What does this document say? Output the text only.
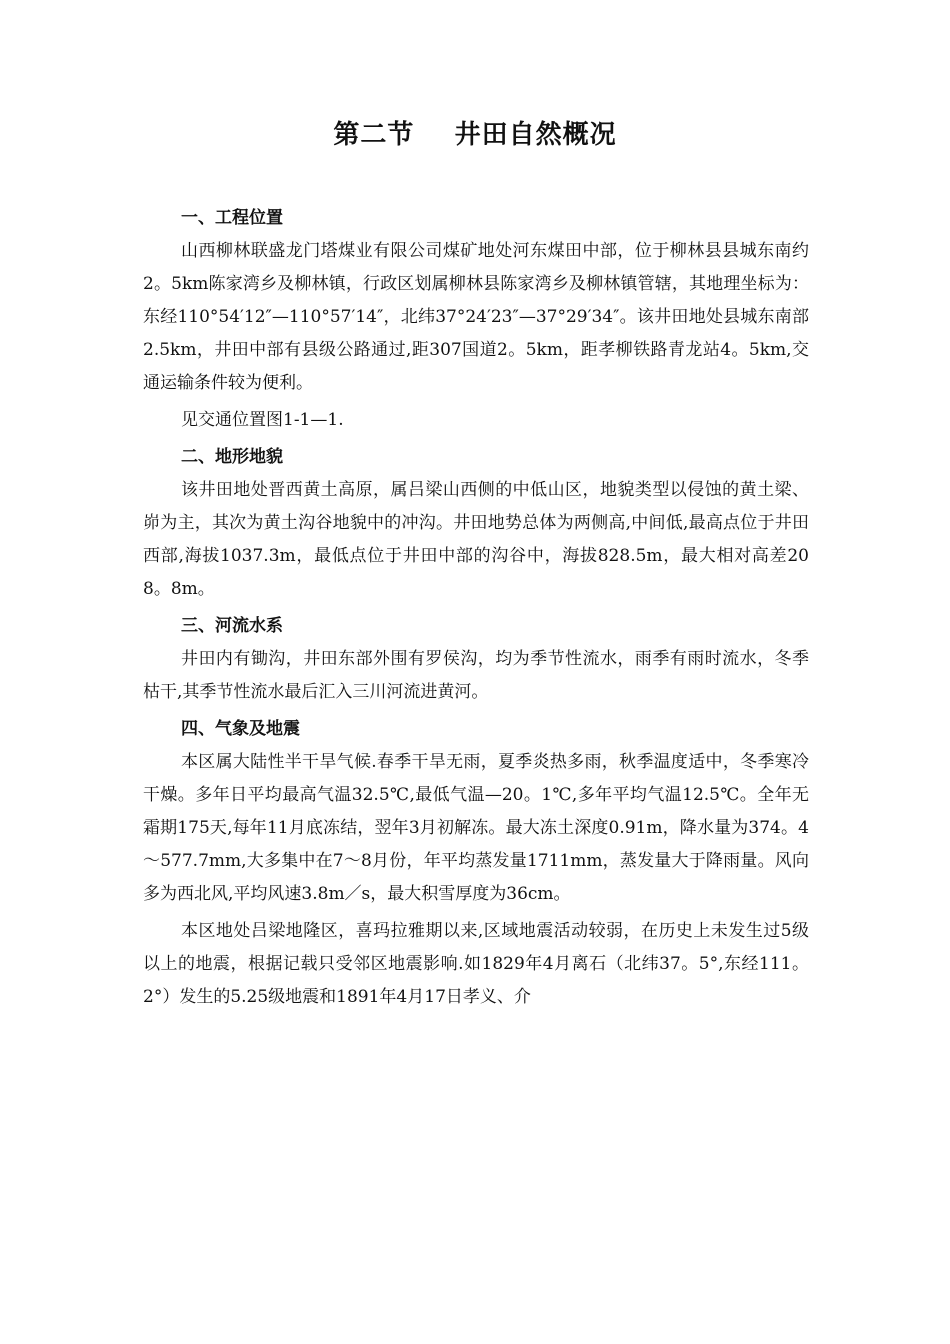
第二节    井田自然概况
一、工程位置

山西柳林联盛龙门塔煤业有限公司煤矿地处河东煤田中部，位于柳林县县城东南约2。5km陈家湾乡及柳林镇，行政区划属柳林县陈家湾乡及柳林镇管辖，其地理坐标为：东经110°54′12″—110°57′14″，北纬37°24′23″—37°29′34″。该井田地处县城东南部2.5km，井田中部有县级公路通过,距307国道2。5km，距孝柳铁路青龙站4。5km,交通运输条件较为便利。

见交通位置图1-1—1.

二、地形地貌

该井田地处晋西黄土高原，属吕梁山西侧的中低山区，地貌类型以侵蚀的黄土梁、峁为主，其次为黄土沟谷地貌中的冲沟。井田地势总体为两侧高,中间低,最高点位于井田西部,海拔1037.3m，最低点位于井田中部的沟谷中，海拔828.5m，最大相对高差208。8m。

三、河流水系

井田内有锄沟，井田东部外围有罗侯沟，均为季节性流水，雨季有雨时流水，冬季枯干,其季节性流水最后汇入三川河流进黄河。

四、气象及地震

本区属大陆性半干旱气候.春季干旱无雨，夏季炎热多雨，秋季温度适中，冬季寒冷干燥。多年日平均最高气温32.5℃,最低气温—20。1℃,多年平均气温12.5℃。全年无霜期175天,每年11月底冻结，翌年3月初解冻。最大冻土深度0.91m，降水量为374。4～577.7mm,大多集中在7～8月份，年平均蒸发量1711mm，蒸发量大于降雨量。风向多为西北风,平均风速3.8m／s，最大积雪厚度为36cm。

本区地处吕梁地隆区，喜玛拉雅期以来,区域地震活动较弱，在历史上未发生过5级以上的地震，根据记载只受邻区地震影响.如1829年4月离石（北纬37。5°,东经111。2°）发生的5.25级地震和1891年4月17日孝义、介
